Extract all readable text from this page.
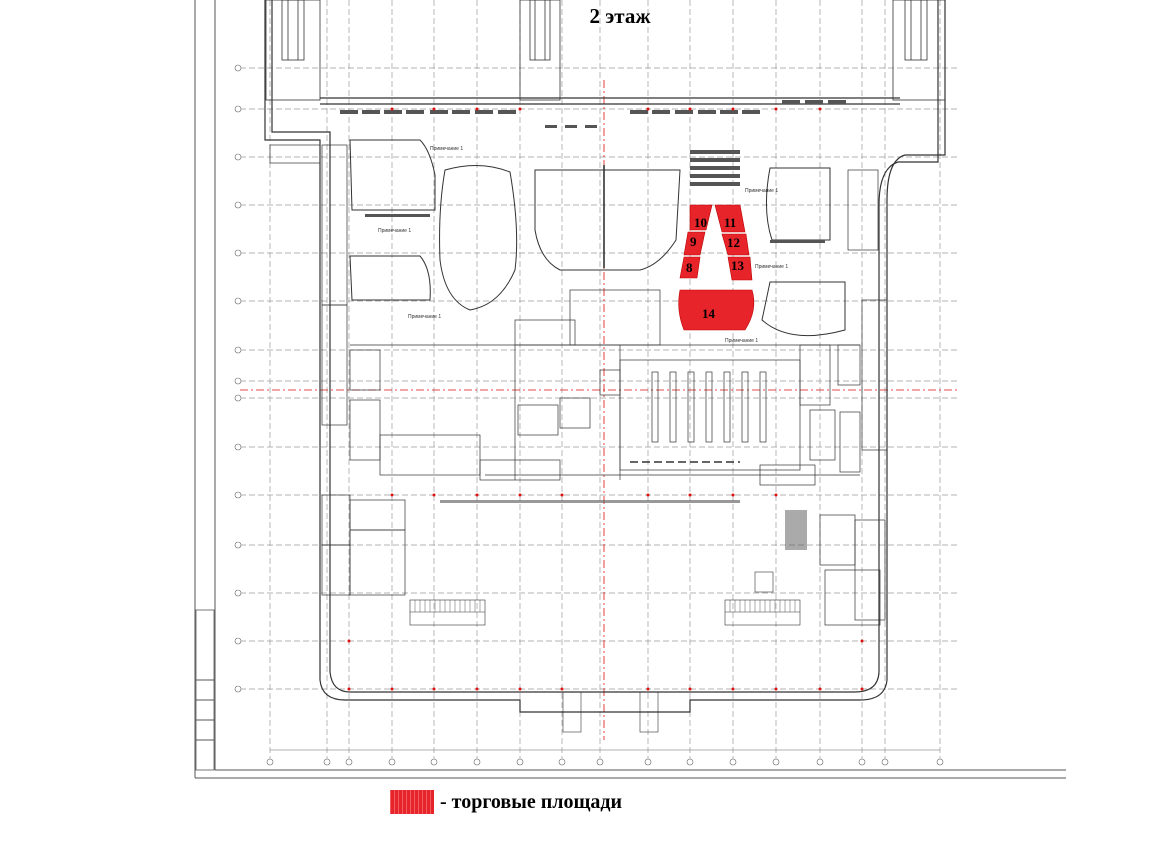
10
9
8
11
12
13
14
Примечание 1
Примечание 1
Примечание 1
Примечание 1
Примечание 1
Примечание 1
2 этаж
- торговые площади
